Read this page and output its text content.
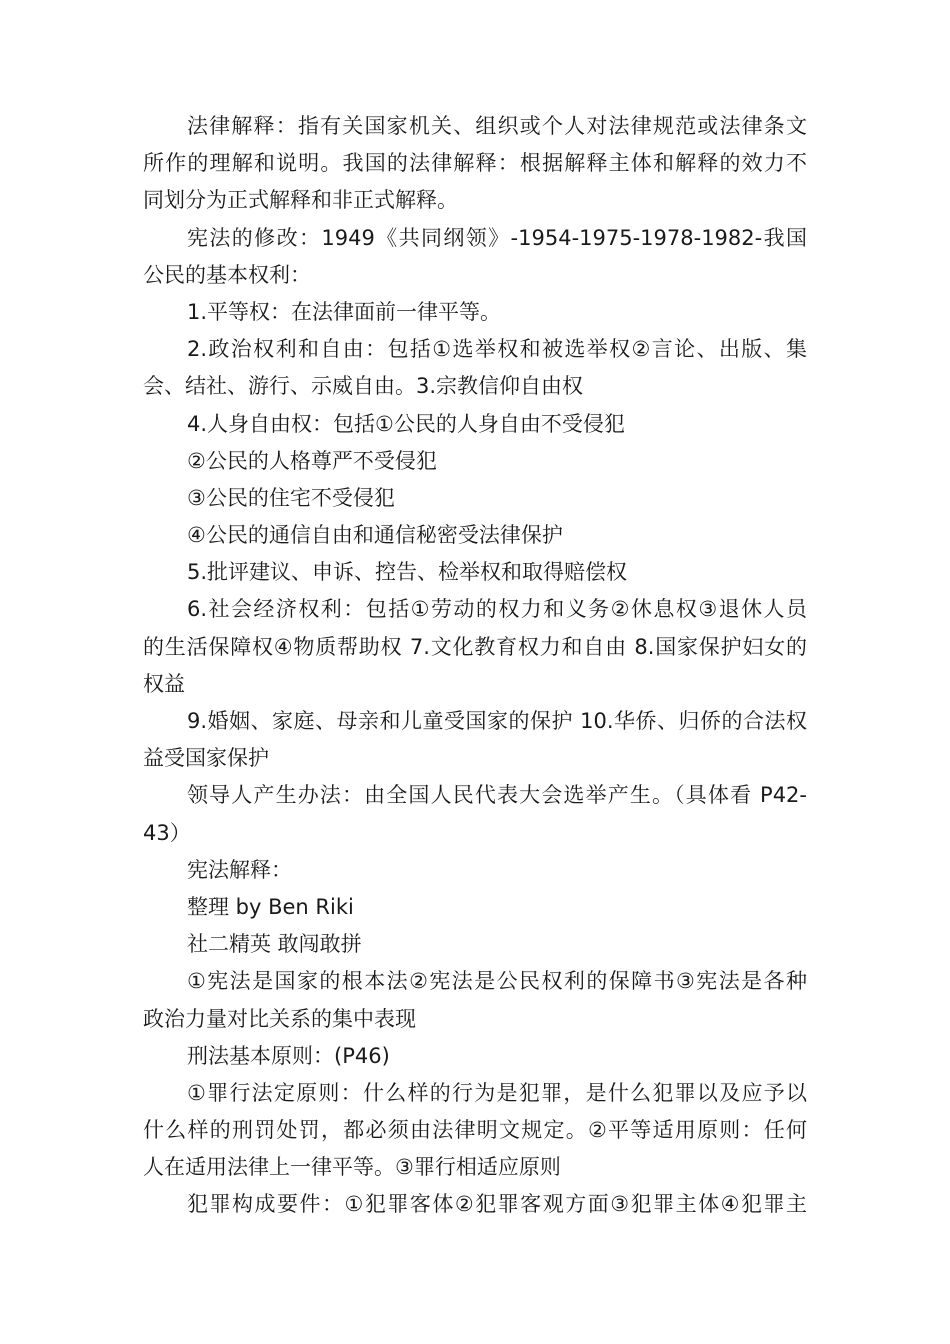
法律解释：指有关国家机关、组织或个人对法律规范或法律条文
所作的理解和说明。我国的法律解释：根据解释主体和解释的效力不
同划分为正式解释和非正式解释。
宪法的修改：1949《共同纲领》-1954-1975-1978-1982-我国
公民的基本权利：
1.平等权：在法律面前一律平等。
2.政治权利和自由：包括①选举权和被选举权②言论、出版、集
会、结社、游行、示威自由。3.宗教信仰自由权
4.人身自由权：包括①公民的人身自由不受侵犯
②公民的人格尊严不受侵犯
③公民的住宅不受侵犯
④公民的通信自由和通信秘密受法律保护
5.批评建议、申诉、控告、检举权和取得赔偿权
6.社会经济权利：包括①劳动的权力和义务②休息权③退休人员
的生活保障权④物质帮助权 7.文化教育权力和自由 8.国家保护妇女的
权益
9.婚姻、家庭、母亲和儿童受国家的保护 10.华侨、归侨的合法权
益受国家保护
领导人产生办法：由全国人民代表大会选举产生。（具体看 P42-
43）
宪法解释：
整理 by Ben Riki
社二精英 敢闯敢拼
①宪法是国家的根本法②宪法是公民权利的保障书③宪法是各种
政治力量对比关系的集中表现
刑法基本原则：(P46)
①罪行法定原则：什么样的行为是犯罪，是什么犯罪以及应予以
什么样的刑罚处罚，都必须由法律明文规定。②平等适用原则：任何
人在适用法律上一律平等。③罪行相适应原则
犯罪构成要件：①犯罪客体②犯罪客观方面③犯罪主体④犯罪主
